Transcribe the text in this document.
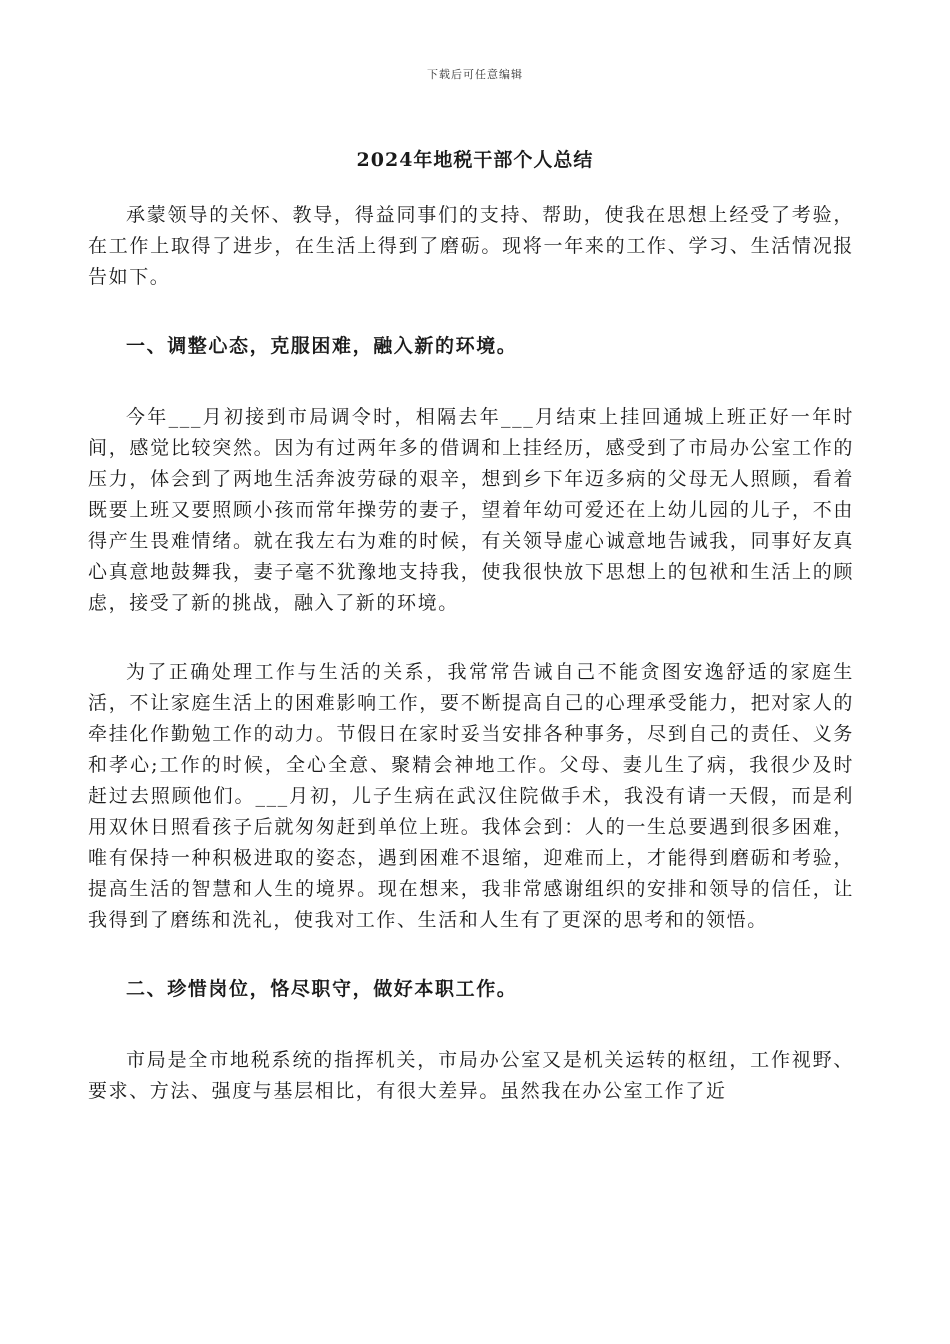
下载后可任意编辑
2024年地税干部个人总结

承蒙领导的关怀、教导，得益同事们的支持、帮助，使我在思想上经受了考验，在工作上取得了进步，在生活上得到了磨砺。现将一年来的工作、学习、生活情况报告如下。

一、调整心态，克服困难，融入新的环境。

今年___月初接到市局调令时，相隔去年___月结束上挂回通城上班正好一年时间，感觉比较突然。因为有过两年多的借调和上挂经历，感受到了市局办公室工作的压力，体会到了两地生活奔波劳碌的艰辛，想到乡下年迈多病的父母无人照顾，看着既要上班又要照顾小孩而常年操劳的妻子，望着年幼可爱还在上幼儿园的儿子，不由得产生畏难情绪。就在我左右为难的时候，有关领导虚心诚意地告诫我，同事好友真心真意地鼓舞我，妻子毫不犹豫地支持我，使我很快放下思想上的包袱和生活上的顾虑，接受了新的挑战，融入了新的环境。

为了正确处理工作与生活的关系，我常常告诫自己不能贪图安逸舒适的家庭生活，不让家庭生活上的困难影响工作，要不断提高自己的心理承受能力，把对家人的牵挂化作勤勉工作的动力。节假日在家时妥当安排各种事务，尽到自己的责任、义务和孝心;工作的时候，全心全意、聚精会神地工作。父母、妻儿生了病，我很少及时赶过去照顾他们。___月初，儿子生病在武汉住院做手术，我没有请一天假，而是利用双休日照看孩子后就匆匆赶到单位上班。我体会到：人的一生总要遇到很多困难，唯有保持一种积极进取的姿态，遇到困难不退缩，迎难而上，才能得到磨砺和考验，提高生活的智慧和人生的境界。现在想来，我非常感谢组织的安排和领导的信任，让我得到了磨练和洗礼，使我对工作、生活和人生有了更深的思考和的领悟。

二、珍惜岗位，恪尽职守，做好本职工作。

市局是全市地税系统的指挥机关，市局办公室又是机关运转的枢纽，工作视野、要求、方法、强度与基层相比，有很大差异。虽然我在办公室工作了近
